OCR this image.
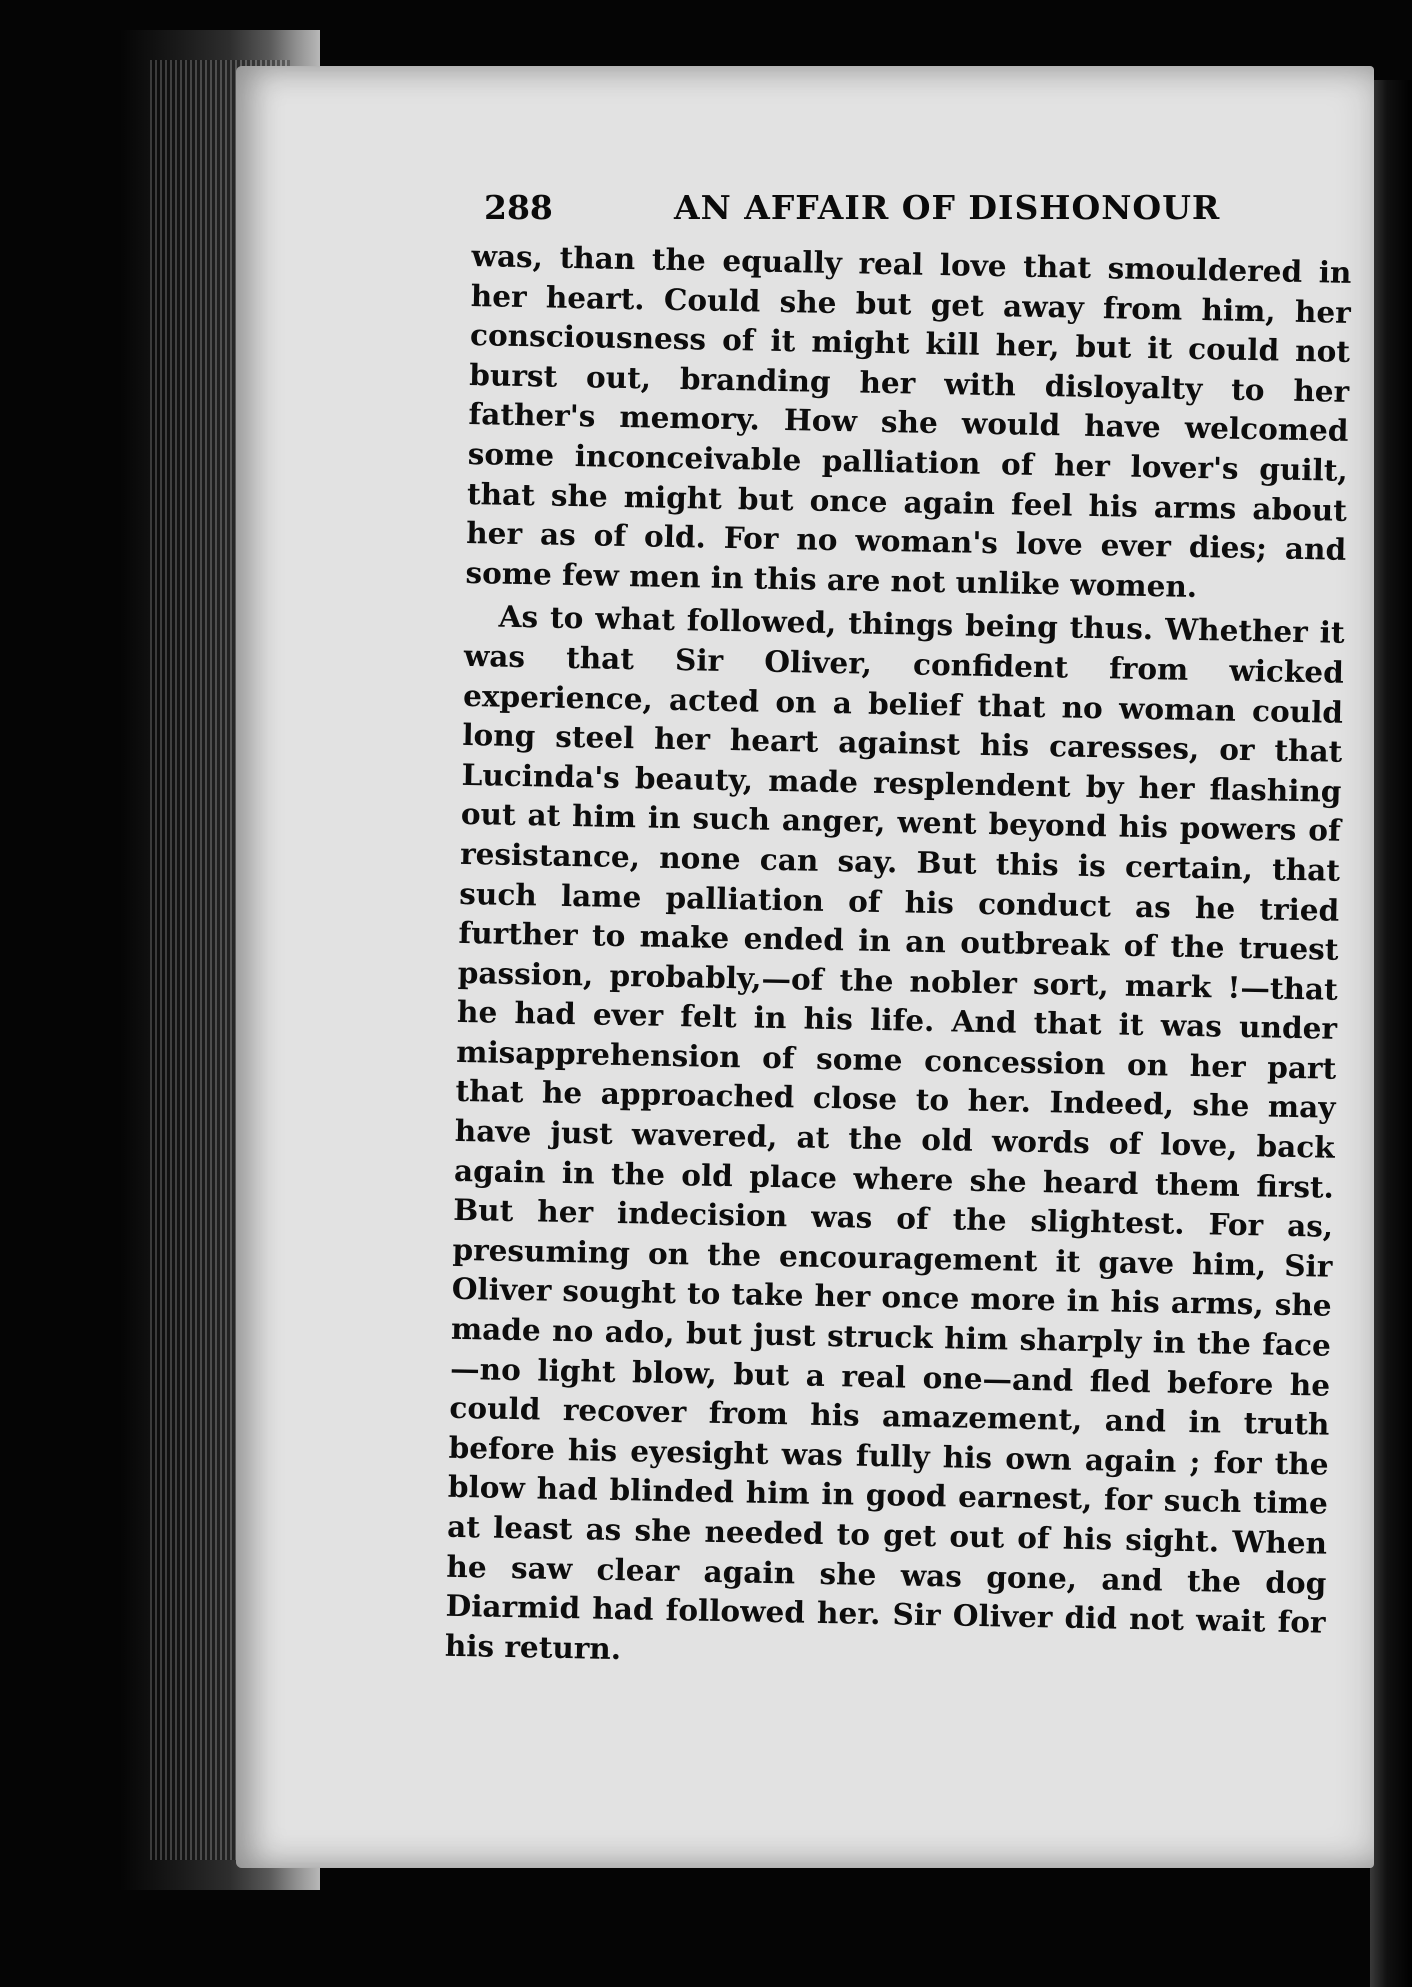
288	AN AFFAIR OF DISHONOUR

was, than the equally real love that smouldered in her heart. Could she but get away from him, her consciousness of it might kill her, but it could not burst out, branding her with disloyalty to her father's memory. How she would have welcomed some inconceivable palliation of her lover's guilt, that she might but once again feel his arms about her as of old. For no woman's love ever dies; and some few men in this are not unlike women.

As to what followed, things being thus. Whether it was that Sir Oliver, confident from wicked experience, acted on a belief that no woman could long steel her heart against his caresses, or that Lucinda's beauty, made resplendent by her flashing out at him in such anger, went beyond his powers of resistance, none can say. But this is certain, that such lame palliation of his conduct as he tried further to make ended in an outbreak of the truest passion, probably,—of the nobler sort, mark !—that he had ever felt in his life. And that it was under misapprehension of some concession on her part that he approached close to her. Indeed, she may have just wavered, at the old words of love, back again in the old place where she heard them first. But her indecision was of the slightest. For as, presuming on the encouragement it gave him, Sir Oliver sought to take her once more in his arms, she made no ado, but just struck him sharply in the face—no light blow, but a real one—and fled before he could recover from his amazement, and in truth before his eyesight was fully his own again ; for the blow had blinded him in good earnest, for such time at least as she needed to get out of his sight. When he saw clear again she was gone, and the dog Diarmid had followed her. Sir Oliver did not wait for his return.
